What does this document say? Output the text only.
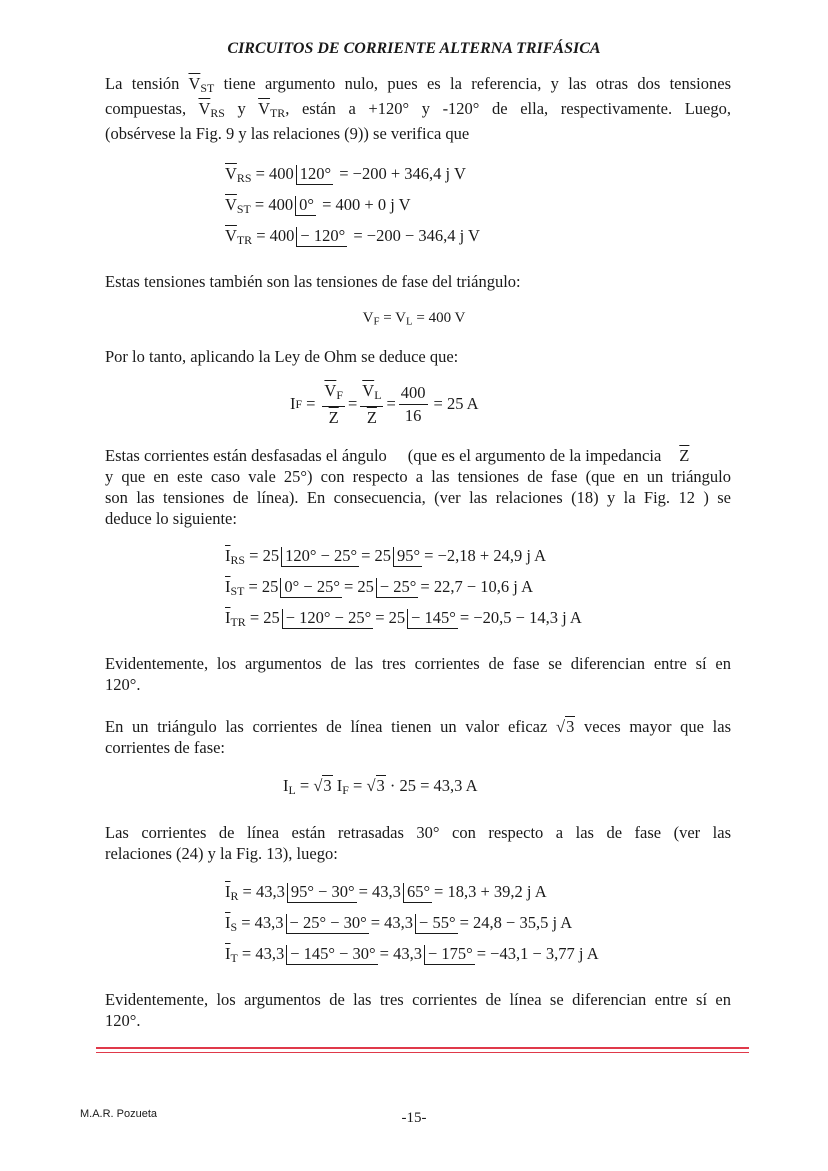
CIRCUITOS DE CORRIENTE ALTERNA TRIFÁSICA
La tensión $\overline{V}_{ST}$ tiene argumento nulo, pues es la referencia, y las otras dos tensiones
compuestas, $\overline{V}_{RS}$ y $\overline{V}_{TR}$, están a +120° y -120° de ella, respectivamente. Luego,
(obsérvese la Fig. 9 y las relaciones (9)) se verifica que
$\overline{V}_{RS} = 400$ 120° = −200 + 346,4 j V
$\overline{V}_{ST} = 400$ 0° = 400 + 0 j V
$\overline{V}_{TR} = 400 - 120^\circ = -200 - 346,4$ j V
Estas tensiones también son las tensiones de fase del triángulo:
$V_F = V_L = 400$ V
Por lo tanto, aplicando la Ley de Ohm se deduce que:
I $F = \frac{\overline{V}_F}{Z} = \frac{\overline{V}_L}{Z} = \frac{400}{16} = 25$ A
Estas corrientes están desfasadas el ángulo (que es el argumento de la impedancia $\overline{Z}$
y que en este caso vale 25°) con respecto a las tensiones de fase (que en un triángulo
son las tensiones de línea). En consecuencia, (ver las relaciones (18) y la Fig. 12 ) se
deduce lo siguiente:
$\overline{I}_{RS} = 25$ 120° − 25° = 25 95° = −2,18 + 24,9 j A
$\overline{I}_{ST} = 25$ 0° − 25° = 25 − 25° = 22,7 − 10,6 j A
$\overline{I}_{TR} = 25 - 120^\circ - 25^\circ = 25 - 145^\circ = -20,5 - 14,3$ j A
Evidentemente, los argumentos de las tres corrientes de fase se diferencian entre sí en
120°.
En un triángulo las corrientes de línea tienen un valor eficaz √3 veces mayor que las
corrientes de fase:
$I_L = √3$ $I_F = √3 \cdot 25 = 43,3$ A
Las corrientes de línea están retrasadas 30° con respecto a las de fase (ver las
relaciones (24) y la Fig. 13), luego:
$\overline{I}_R = 43,3$ 95° − 30° = 43,3 65° = 18,3 + 39,2 j A
$\overline{I}_S = 43,3 - 25^\circ - 30^\circ = 43,3 - 55^\circ = 24,8 - 35,5$ j A
$\overline{I}_T = 43,3 - 145^\circ - 30^\circ = 43,3 - 175^\circ = -43,1 - 3,77$ j A
Evidentemente, los argumentos de las tres corrientes de línea se diferencian entre sí en
120°.
M.A.R. Pozueta	-15-
